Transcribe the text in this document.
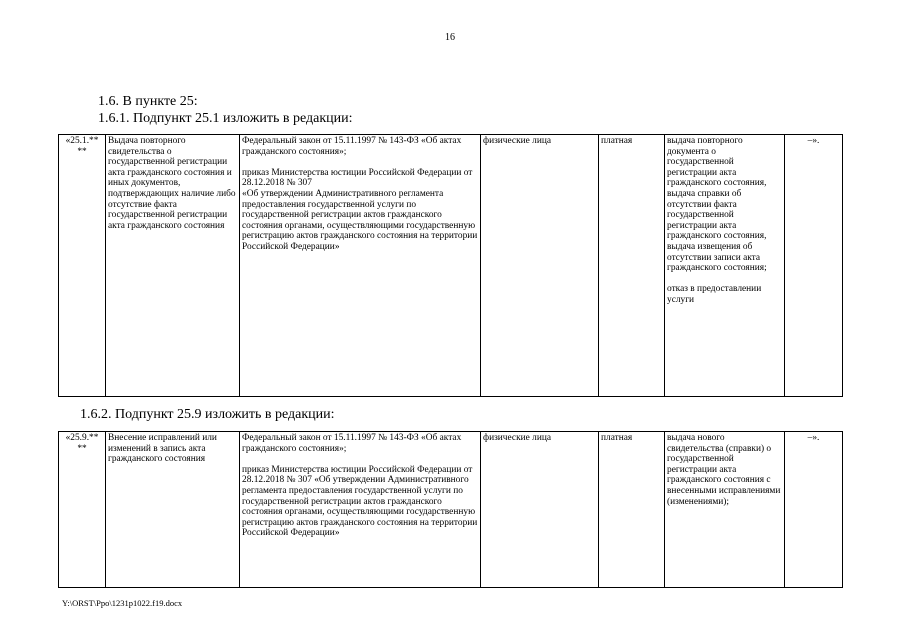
16
1.6. В пункте 25:
1.6.1. Подпункт 25.1 изложить в редакции:
«25.1.**
**	Выдача повторного свидетельства о государственной регистрации акта гражданского состояния и иных документов, подтверждающих наличие либо отсутствие факта государственной регистрации акта гражданского состояния	Федеральный закон от 15.11.1997 № 143-ФЗ «Об актах гражданского состояния»;

приказ Министерства юстиции Российской Федерации от 28.12.2018 № 307
«Об утверждении Административного регламента предоставления государственной услуги по государственной регистрации актов гражданского состояния органами, осуществляющими государственную регистрацию актов гражданского состояния на территории Российской Федерации»	физические лица	платная	выдача повторного документа о государственной регистрации акта гражданского состояния, выдача справки об отсутствии факта государственной регистрации акта гражданского состояния, выдача извещения об отсутствии записи акта гражданского состояния;

отказ в предоставлении услуги	–».
1.6.2. Подпункт 25.9 изложить в редакции:
«25.9.**
**	Внесение исправлений или изменений в запись акта гражданского состояния	Федеральный закон от 15.11.1997 № 143-ФЗ «Об актах гражданского состояния»;

приказ Министерства юстиции Российской Федерации от 28.12.2018 № 307 «Об утверждении Административного регламента предоставления государственной услуги по государственной регистрации актов гражданского состояния органами, осуществляющими государственную регистрацию актов гражданского состояния на территории Российской Федерации»	физические лица	платная	выдача нового свидетельства (справки) о государственной регистрации акта гражданского состояния с внесенными исправлениями (изменениями);	–».
Y:\ORST\Ppo\1231p1022.f19.docx
